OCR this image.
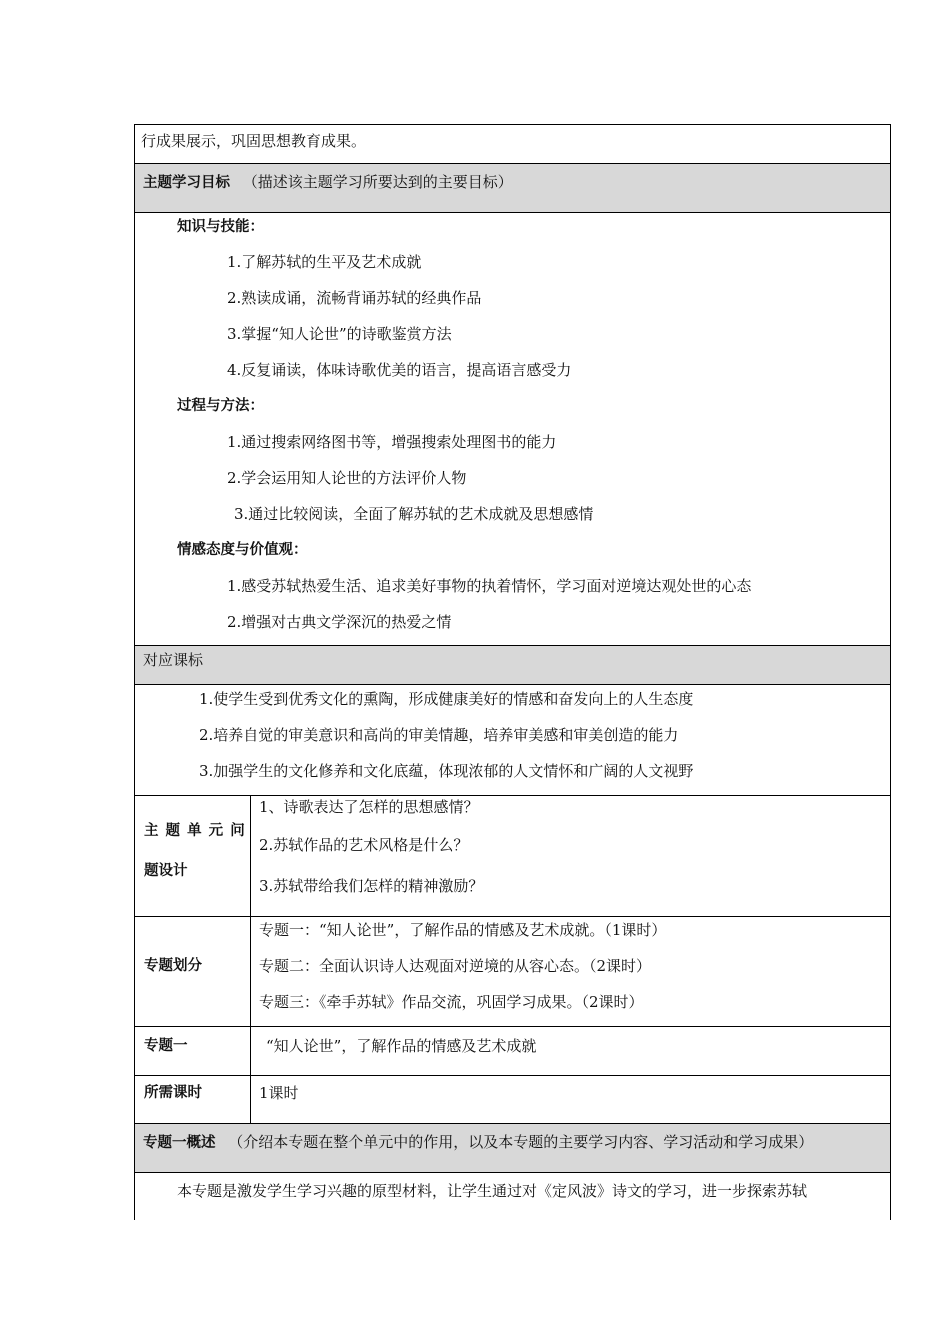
行成果展示，巩固思想教育成果。
主题学习目标 （描述该主题学习所要达到的主要目标）
知识与技能：
1.了解苏轼的生平及艺术成就
2.熟读成诵，流畅背诵苏轼的经典作品
3.掌握“知人论世”的诗歌鉴赏方法
4.反复诵读，体味诗歌优美的语言，提高语言感受力
过程与方法：
1.通过搜索网络图书等，增强搜索处理图书的能力
2.学会运用知人论世的方法评价人物
3.通过比较阅读，全面了解苏轼的艺术成就及思想感情
情感态度与价值观：
1.感受苏轼热爱生活、追求美好事物的执着情怀，学习面对逆境达观处世的心态
2.增强对古典文学深沉的热爱之情
对应课标
1.使学生受到优秀文化的熏陶，形成健康美好的情感和奋发向上的人生态度
2.培养自觉的审美意识和高尚的审美情趣，培养审美感和审美创造的能力
3.加强学生的文化修养和文化底蕴，体现浓郁的人文情怀和广阔的人文视野
主 题 单 元 问
题设计
1、诗歌表达了怎样的思想感情？
2.苏轼作品的艺术风格是什么？
3.苏轼带给我们怎样的精神激励？
专题划分
专题一：“知人论世”，了解作品的情感及艺术成就。（1课时）
专题二：全面认识诗人达观面对逆境的从容心态。（2课时）
专题三：《牵手苏轼》作品交流，巩固学习成果。（2课时）
专题一	“知人论世”，了解作品的情感及艺术成就
所需课时	1课时
专题一概述 （介绍本专题在整个单元中的作用，以及本专题的主要学习内容、学习活动和学习成果）
本专题是激发学生学习兴趣的原型材料，让学生通过对《定风波》诗文的学习，进一步探索苏轼
